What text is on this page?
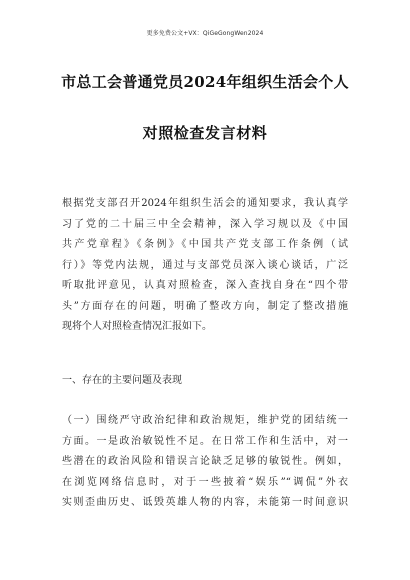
更多免费公文+VX：QiGeGongWen2024
市总工会普通党员2024年组织生活会个人
对照检查发言材料
根据党支部召开2024年组织生活会的通知要求，我认真学
习了党的二十届三中全会精神，深入学习规以及《中国
共产党章程》《条例》《中国共产党支部工作条例（试
行）》等党内法规，通过与支部党员深入谈心谈话，广泛
听取批评意见，认真对照检查，深入查找自身在“四个带
头”方面存在的问题，明确了整改方向，制定了整改措施
现将个人对照检查情况汇报如下。
一、存在的主要问题及表现
（一）围绕严守政治纪律和政治规矩，维护党的团结统一
方面。一是政治敏锐性不足。在日常工作和生活中，对一
些潜在的政治风险和错误言论缺乏足够的敏锐性。例如，
在浏览网络信息时，对于一些披着“娱乐”“调侃”外衣
实则歪曲历史、诋毁英雄人物的内容，未能第一时间意识
